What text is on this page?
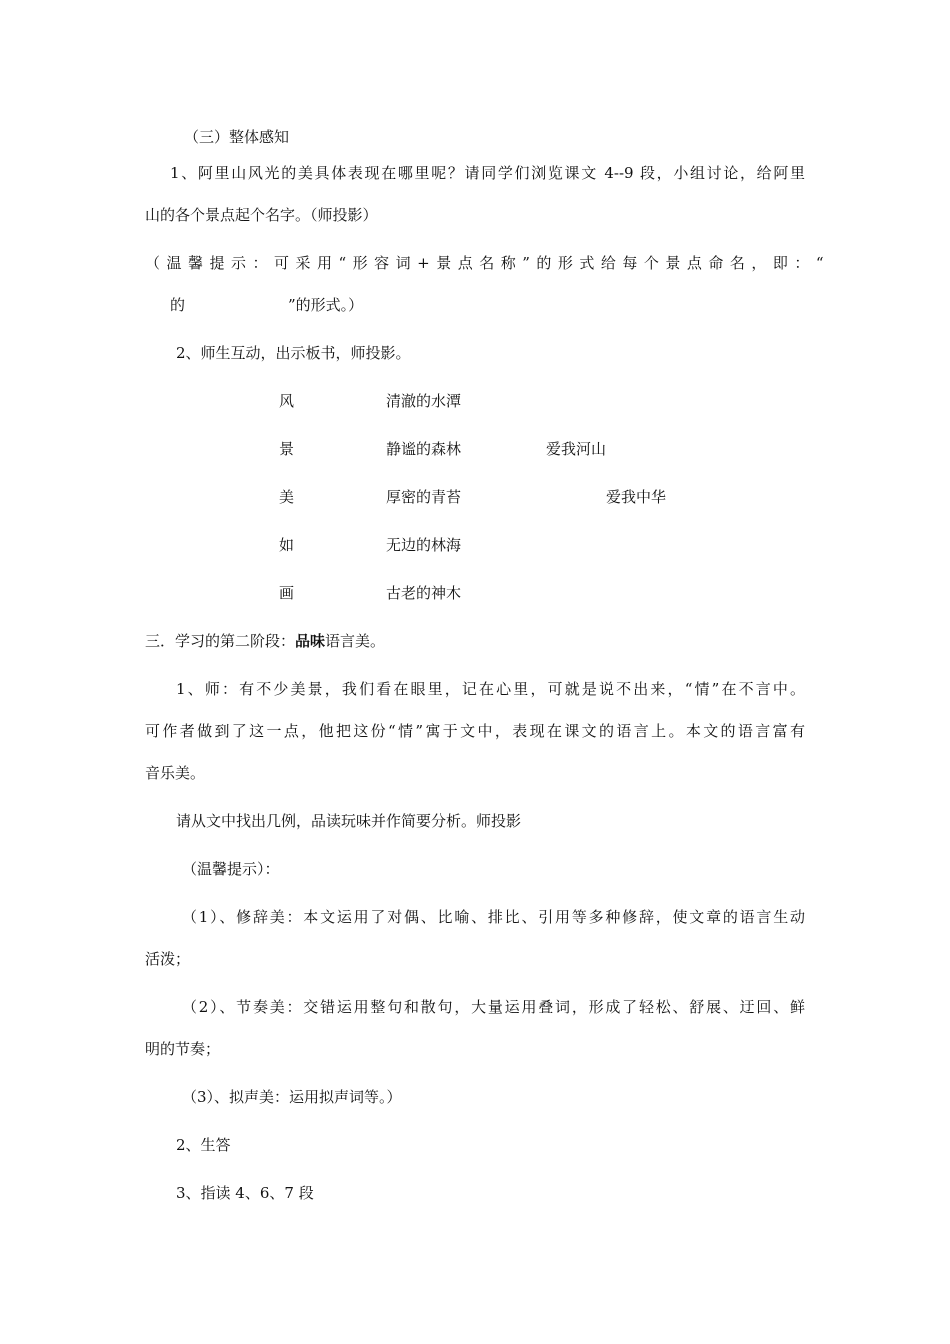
（三）整体感知
1、阿里山风光的美具体表现在哪里呢？请同学们浏览课文 4--9 段，小组讨论，给阿里
山的各个景点起个名字。（师投影）
（温馨提示：可采用“形容词+景点名称”的形式给每个景点命名，即：“
的	”的形式。）
2、师生互动，出示板书，师投影。
风	清澈的水潭
景	静谧的森林	爱我河山
美	厚密的青苔	爱我中华
如	无边的林海
画	古老的神木
三．学习的第二阶段：品味语言美。
1、师：有不少美景，我们看在眼里，记在心里，可就是说不出来，“情”在不言中。
可作者做到了这一点，他把这份“情”寓于文中，表现在课文的语言上。本文的语言富有
音乐美。
请从文中找出几例，品读玩味并作简要分析。师投影
（温馨提示）：
（1）、修辞美：本文运用了对偶、比喻、排比、引用等多种修辞，使文章的语言生动
活泼；
（2）、节奏美：交错运用整句和散句，大量运用叠词，形成了轻松、舒展、迂回、鲜
明的节奏；
（3）、拟声美：运用拟声词等。）
2、生答
3、指读 4、6、7 段
